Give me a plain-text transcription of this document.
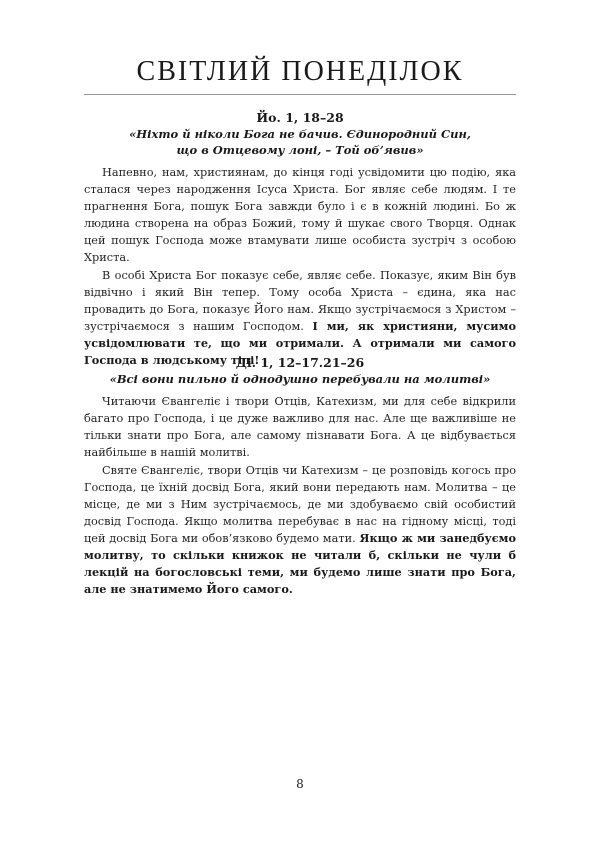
СВІТЛИЙ ПОНЕДІЛОК

Йо. 1, 18–28

«Ніхто й ніколи Бога не бачив. Єдинородний Син,
що в Отцевому лоні, – Той об’явив»

Напевно, нам, християнам, до кінця годі усвідомити цю подію, яка сталася через народження Ісуса Христа. Бог являє себе людям. І те прагнення Бога, пошук Бога завжди було і є в кожній людині. Бо ж людина створена на образ Божий, тому й шукає свого Творця. Однак цей пошук Господа може втамувати лише особиста зустріч з особою Христа.

В особі Христа Бог показує себе, являє себе. Показує, яким Він був відвічно і який Він тепер. Тому особа Христа – єдина, яка нас провадить до Бога, показує Його нам. Якщо зустрічаємося з Христом – зустрічаємося з нашим Господом. І ми, як християни, мусимо усвідомлювати те, що ми отримали. А отримали ми самого Господа в людському тілі!

Ді. 1, 12–17.21–26

«Всі вони пильно й однодушно перебували на молитві»

Читаючи Євангеліє і твори Отців, Катехизм, ми для себе відкрили багато про Господа, і це дуже важливо для нас. Але ще важливіше не тільки знати про Бога, але самому пізнавати Бога. А це відбувається найбільше в нашій молитві.

Святе Євангеліє, твори Отців чи Катехизм – це розповідь когось про Господа, це їхній досвід Бога, який вони передають нам. Молитва – це місце, де ми з Ним зустрічаємось, де ми здобуваємо свій особистий досвід Господа. Якщо молитва перебуває в нас на гідному місці, тоді цей досвід Бога ми обов’язково будемо мати. Якщо ж ми занедбуємо молитву, то скільки книжок не читали б, скільки не чули б лекцій на богословські теми, ми будемо лише знати про Бога, але не знатимемо Його самого.

8
